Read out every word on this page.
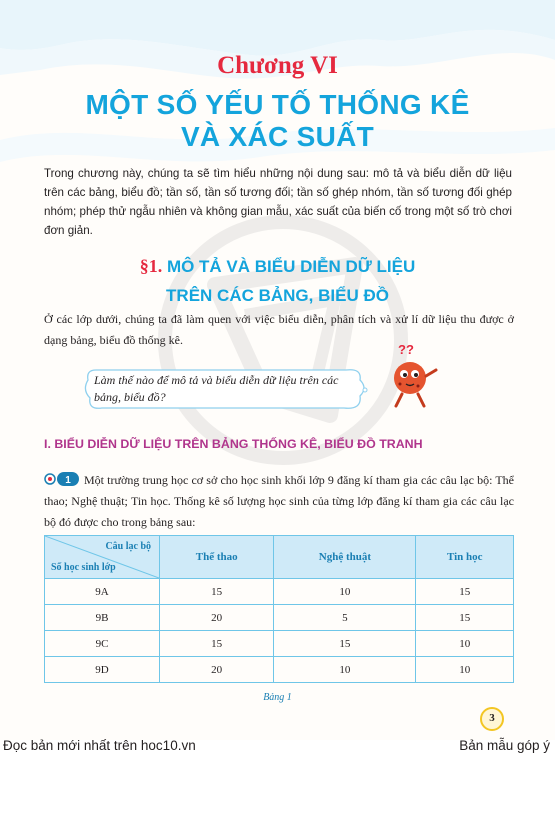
Chương VI
MỘT SỐ YẾU TỐ THỐNG KÊ
VÀ XÁC SUẤT

Trong chương này, chúng ta sẽ tìm hiểu những nội dung sau: mô tả và biểu diễn dữ liệu trên các bảng, biểu đồ; tần số, tần số tương đối; tần số ghép nhóm, tần số tương đối ghép nhóm; phép thử ngẫu nhiên và không gian mẫu, xác suất của biến cố trong một số trò chơi đơn giản.

§1. MÔ TẢ VÀ BIỂU DIỄN DỮ LIỆU
TRÊN CÁC BẢNG, BIỂU ĐỒ

Ở các lớp dưới, chúng ta đã làm quen với việc biểu diễn, phân tích và xử lí dữ liệu thu được ở dạng bảng, biểu đồ thống kê.

Làm thế nào để mô tả và biểu diễn dữ liệu trên các bảng, biểu đồ?

??
I. BIỂU DIỄN DỮ LIỆU TRÊN BẢNG THỐNG KÊ, BIỂU ĐỒ TRANH

1 Một trường trung học cơ sở cho học sinh khối lớp 9 đăng kí tham gia các câu lạc bộ: Thể thao; Nghệ thuật; Tin học. Thống kê số lượng học sinh của từng lớp đăng kí tham gia các câu lạc bộ đó được cho trong bảng sau:

Câu lạc bộ
Số học sinh lớp	Thể thao	Nghệ thuật	Tin học
9A	15	10	15
9B	20	5	15
9C	15	15	10
9D	20	10	10

Bảng 1

3

Đọc bản mới nhất trên hoc10.vn	Bản mẫu góp ý
